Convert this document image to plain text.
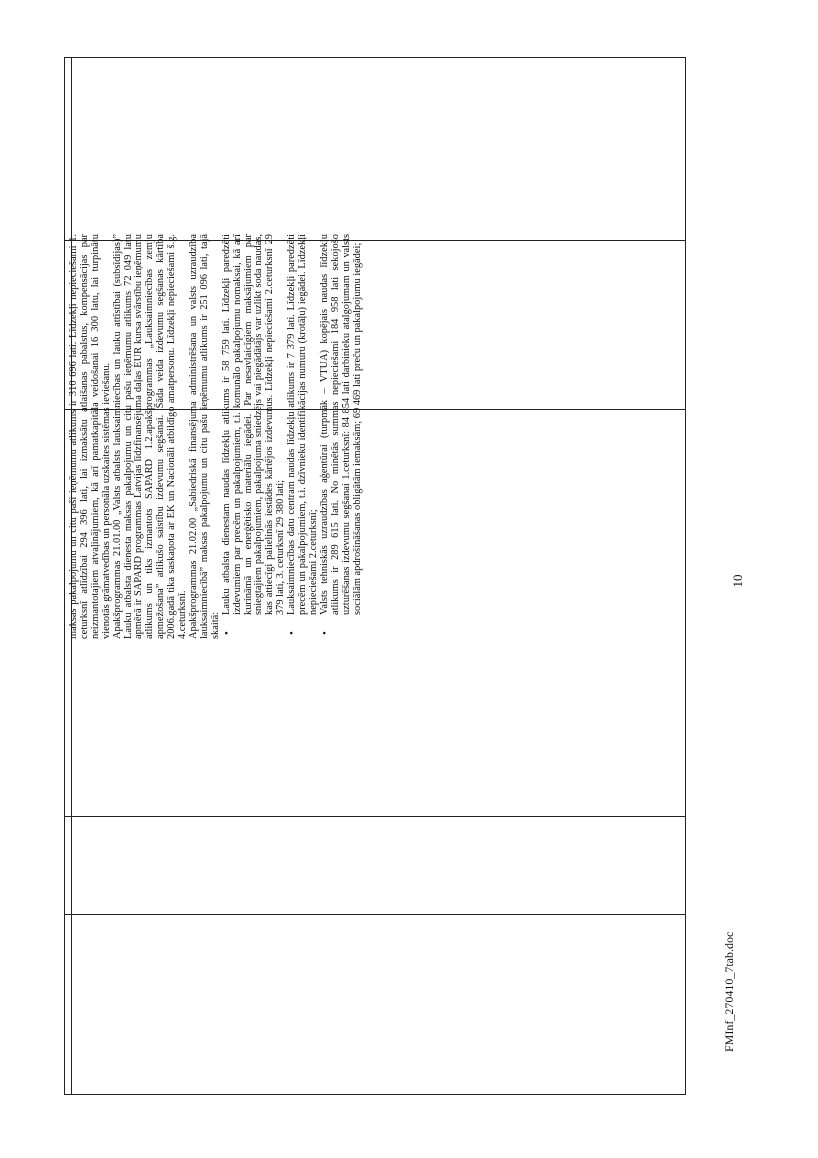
maksas pakalpojumu un citu paši ieņēmumu atlikums ir 310 696 lati. Līdzekļi nepieciešami 1. ceturksnī atlīdzībai 294 396 lati, lai izmaksātu atlaišanas pabalstus, kompensācijas par neizmantotajiem atvaļinājumiem, kā arī pamatkapitāla veidošanai 16 300 latu, lai turpinātu vienotās grāmatvedības un personāla uzskaites sistēmas ieviešanu. Apakšprogrammas 21.01.00 „Valsts atbalsts lauksaimniecības un lauku attīstībai (subsīdijas)” Lauku atbalsta dienesta maksas pakalpojumu un citu pašu ieņēmumu atlikums 72 049 latu apmērā ir SAPARD programmas Latvijas līdzfinansējuma daļas EUR kursa svārstību ieņēmumu atlikums un tiks izmantots SAPARD 1.2.apakšprogrammas „Lauksaimniecības zemju apmežošana” atlikušo saistību izdevumu segšanai. Šāda veida izdevumu segšanas kārtība 2006.gadā tika saskaņota ar EK un Nacionāli atbildīgo amatpersonu. Līdzekļi nepieciešami š.g. 4.ceturksnī. Apakšprogrammas 21.02.00 „Sabiedriskā finansējuma administrēšana un valsts uzraudzība lauksaimniecībā” maksas pakalpojumu un citu pašu ieņēmumu atlikums ir 251 096 lati, tajā skaitā:

• Lauku atbalsta dienestam naudas līdzekļu atlikums ir 58 759 lati. Līdzekļi paredzēti izdevumiem par precēm un pakalpojumiem, t.i. komunālo pakalpojumu nomaksai, kā arī kurināmā un enerģētisko materiālu iegādei. Par nesavlaicīgiem maksājumiem par sniegtajiem pakalpojumiem, pakalpojuma sniedzējs vai piegādātājs var uzlikt soda naudas, kas attiecīgi palielinās iestādes kārtējos izdevumus. Līdzekļi nepieciešami 2.ceturksnī 29 379 lati, 3. ceturksnī 29 380 lati; • Lauksaimniecības datu centram naudas līdzekļu atlikums ir 7 379 lati. Līdzekļi paredzēti precēm un pakalpojumiem, t.i. dzīvnieku identifikācijas numuru (krotāļu) iegādei. Līdzekļi nepieciešami 2.ceturksnī; • Valsts tehniskās uzraudzības aģentūrai (turpmāk – VTUA) kopējais naudas līdzekļu atlikums ir 289 615 lati. No minētās summas nepieciešami 184 958 lati sekojošo uzturēšanas izdevumu segšanai 1.ceturksnī: 84 854 lati darbinieku atalgojumam un valsts sociālām apdrošināšanas obligātām iemaksām; 69 469 lati preču un pakalpojumu iegādei;	10
FMInf_270410_7tab.doc
